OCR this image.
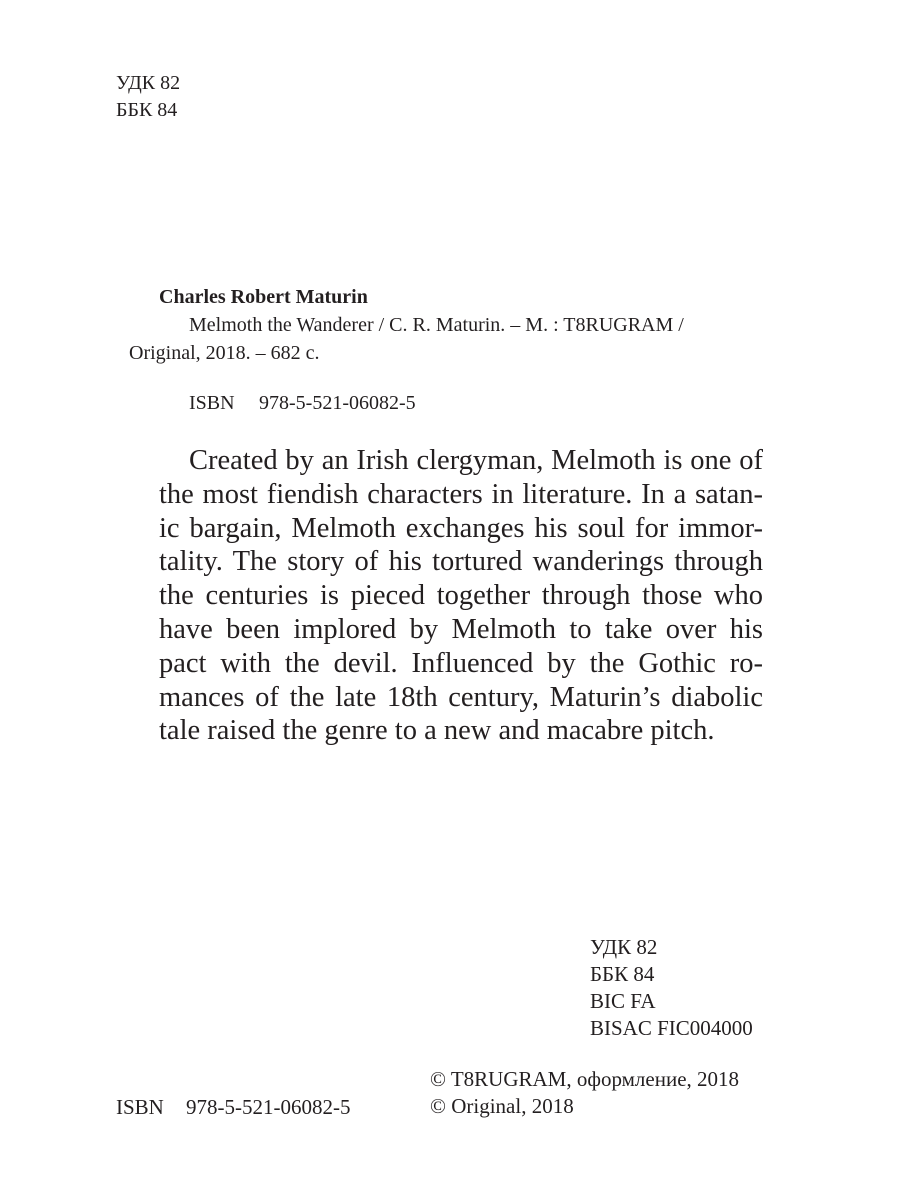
УДК 82
ББК 84
Charles Robert Maturin
Melmoth the Wanderer / C. R. Maturin. – M. : T8RUGRAM /
Original, 2018. – 682 c.
ISBN 978-5-521-06082-5
Created by an Irish clergyman, Melmoth is one of
the most fiendish characters in literature. In a satan-
ic bargain, Melmoth exchanges his soul for immor-
tality. The story of his tortured wanderings through
the centuries is pieced together through those who
have been implored by Melmoth to take over his
pact with the devil. Influenced by the Gothic ro-
mances of the late 18th century, Maturin’s diabolic
tale raised the genre to a new and macabre pitch.
УДК 82
ББК 84
BIC FA
BISAC FIC004000
© T8RUGRAM, оформление, 2018
© Original, 2018
ISBN 978-5-521-06082-5
